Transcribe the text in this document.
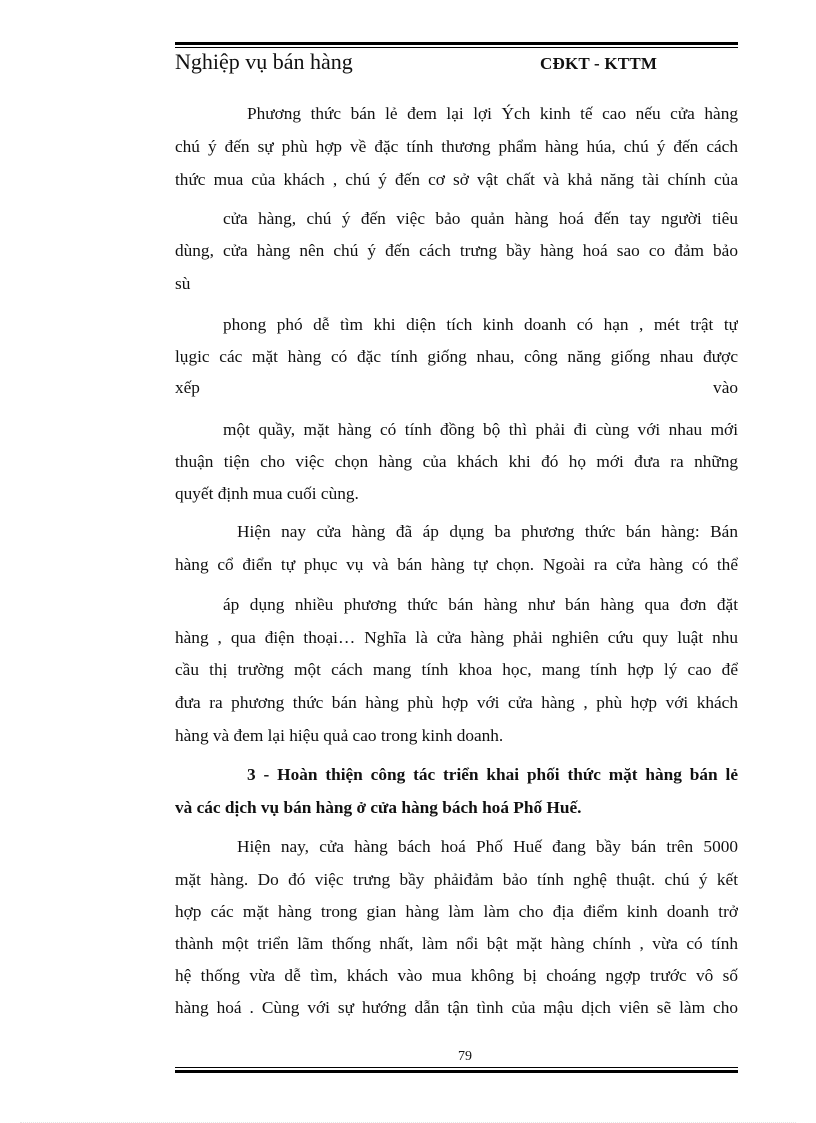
Nghiệp vụ bán hàng	CĐKT - KTTM
Phương thức bán lẻ đem lại lợi Ých kinh tế cao nếu cửa hàng
chú ý đến sự phù hợp về đặc tính thương phẩm hàng húa, chú ý đến cách
thức mua của khách , chú ý đến cơ sở vật chất và khả năng tài chính của
cửa hàng, chú ý đến việc bảo quản hàng hoá đến tay người tiêu
dùng, cửa hàng nên chú ý đến cách trưng bầy hàng hoá sao co đảm bảo
sù
phong phó dễ tìm khi diện tích kinh doanh có hạn , mét trật tự
lụgic các mặt hàng có đặc tính giống nhau, công năng giống nhau được
xếp	vào
một quầy, mặt hàng có tính đồng bộ thì phải đi cùng với nhau mới
thuận tiện cho việc chọn hàng của khách khi đó họ mới đưa ra những
quyết định mua cuối cùng.
Hiện nay cửa hàng đã áp dụng ba phương thức bán hàng: Bán
hàng cổ điển tự phục vụ và bán hàng tự chọn. Ngoài ra cửa hàng có thể
áp dụng nhiều phương thức bán hàng như bán hàng qua đơn đặt
hàng , qua điện thoại… Nghĩa là cửa hàng phải nghiên cứu quy luật nhu
cầu thị trường một cách mang tính khoa học, mang tính hợp lý cao để
đưa ra phương thức bán hàng phù hợp với cửa hàng , phù hợp với khách
hàng và đem lại hiệu quả cao trong kinh doanh.
3 - Hoàn thiện công tác triển khai phối thức mặt hàng bán lẻ
và các dịch vụ bán hàng ở cửa hàng bách hoá Phố Huế.
Hiện nay, cửa hàng bách hoá Phố Huế đang bầy bán trên 5000
mặt hàng. Do đó việc trưng bầy phảiđảm bảo tính nghệ thuật. chú ý kết
hợp các mặt hàng trong gian hàng làm làm cho địa điểm kinh doanh trở
thành một triển lãm thống nhất, làm nổi bật mặt hàng chính , vừa có tính
hệ thống vừa dễ tìm, khách vào mua không bị choáng ngợp trước vô số
hàng hoá . Cùng với sự hướng dẫn tận tình của mậu dịch viên sẽ làm cho
79
